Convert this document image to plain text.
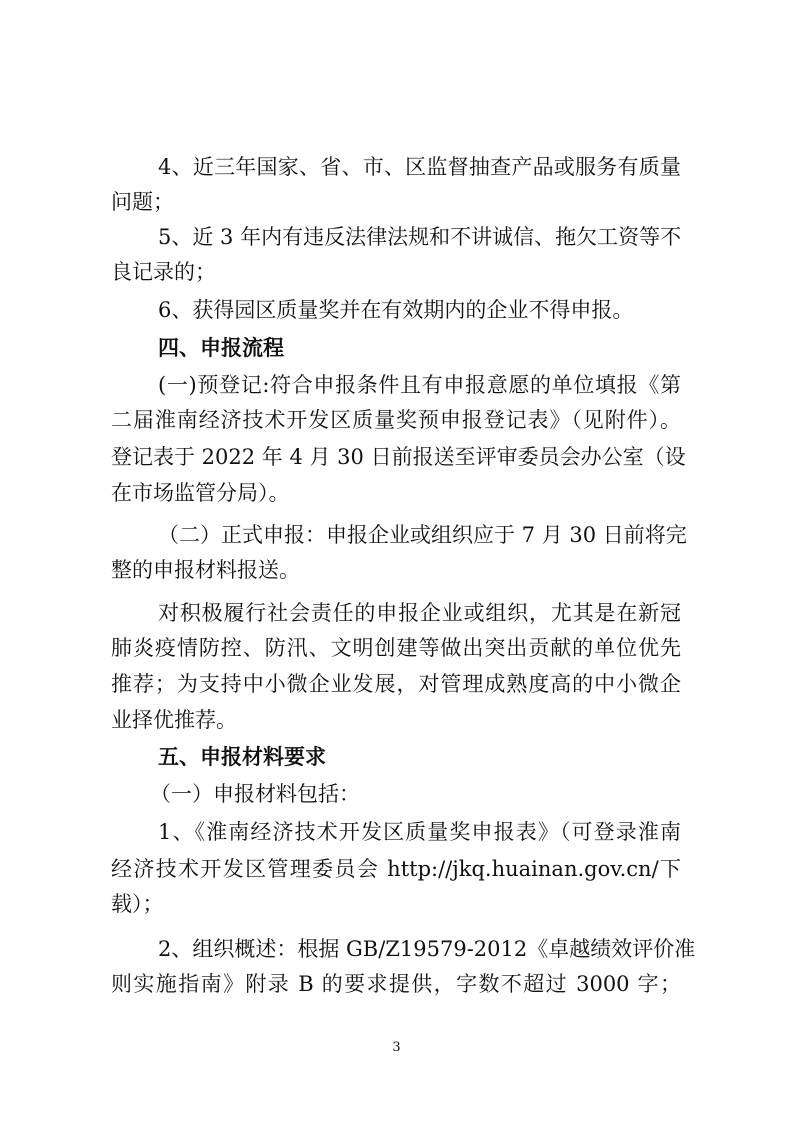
4、近三年国家、省、市、区监督抽查产品或服务有质量

问题；

5、近 3 年内有违反法律法规和不讲诚信、拖欠工资等不

良记录的；

6、获得园区质量奖并在有效期内的企业不得申报。

四、申报流程

(一)预登记:符合申报条件且有申报意愿的单位填报《第

二届淮南经济技术开发区质量奖预申报登记表》（见附件）。

登记表于 2022 年 4 月 30 日前报送至评审委员会办公室（设

在市场监管分局）。

（二）正式申报：申报企业或组织应于 7 月 30 日前将完

整的申报材料报送。

对积极履行社会责任的申报企业或组织，尤其是在新冠

肺炎疫情防控、防汛、文明创建等做出突出贡献的单位优先

推荐；为支持中小微企业发展，对管理成熟度高的中小微企

业择优推荐。

五、申报材料要求

（一）申报材料包括：

1、《淮南经济技术开发区质量奖申报表》（可登录淮南

经济技术开发区管理委员会 http://jkq.huainan.gov.cn/下

载）；

2、组织概述：根据 GB/Z19579-2012《卓越绩效评价准

则实施指南》附录 B 的要求提供，字数不超过 3000 字；

3
